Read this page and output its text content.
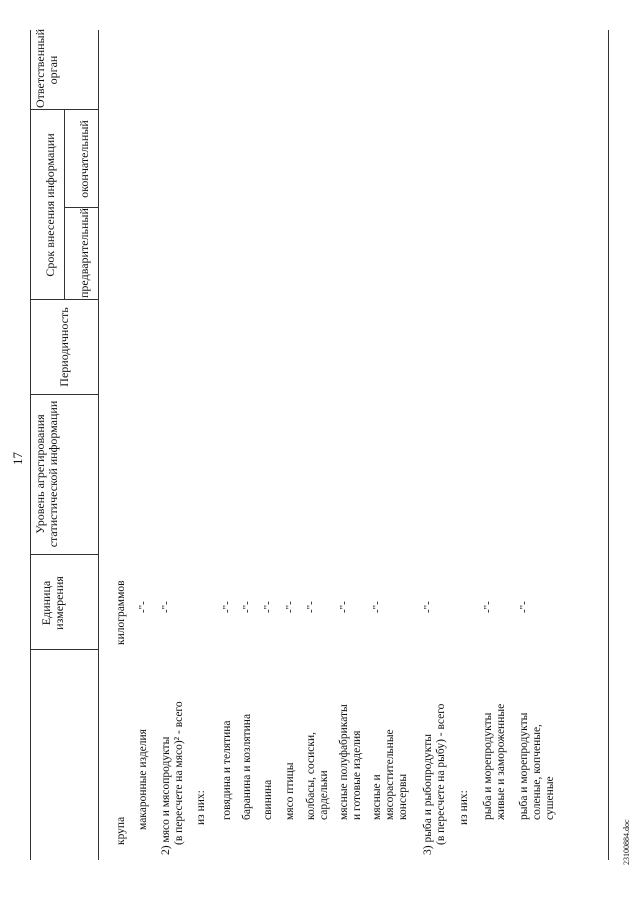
17
Единица измерения
Уровень агрегирования статистической информации
Периодичность
Срок внесения информации предварительный
окончательный
Ответственный орган
крупа
килограммов
макаронные изделия
-"-
2) мясо и мясопродукты (в пересчете на мясо)² - всего
-"-
из них: говядина и телятина
-"-
баранина и козлятина
-"-
свинина
-"-
мясо птицы
-"-
колбасы, сосиски, сардельки
-"-
мясные полуфабрикаты и готовые изделия
-"-
мясные и мясорастительные консервы
-"-
3) рыба и рыбопродукты (в пересчете на рыбу) - всего
-"-
из них: рыба и морепродукты живые и замороженные
-"-
рыба и морепродукты соленые, копченые, сушеные
-"-
23100884.doc
